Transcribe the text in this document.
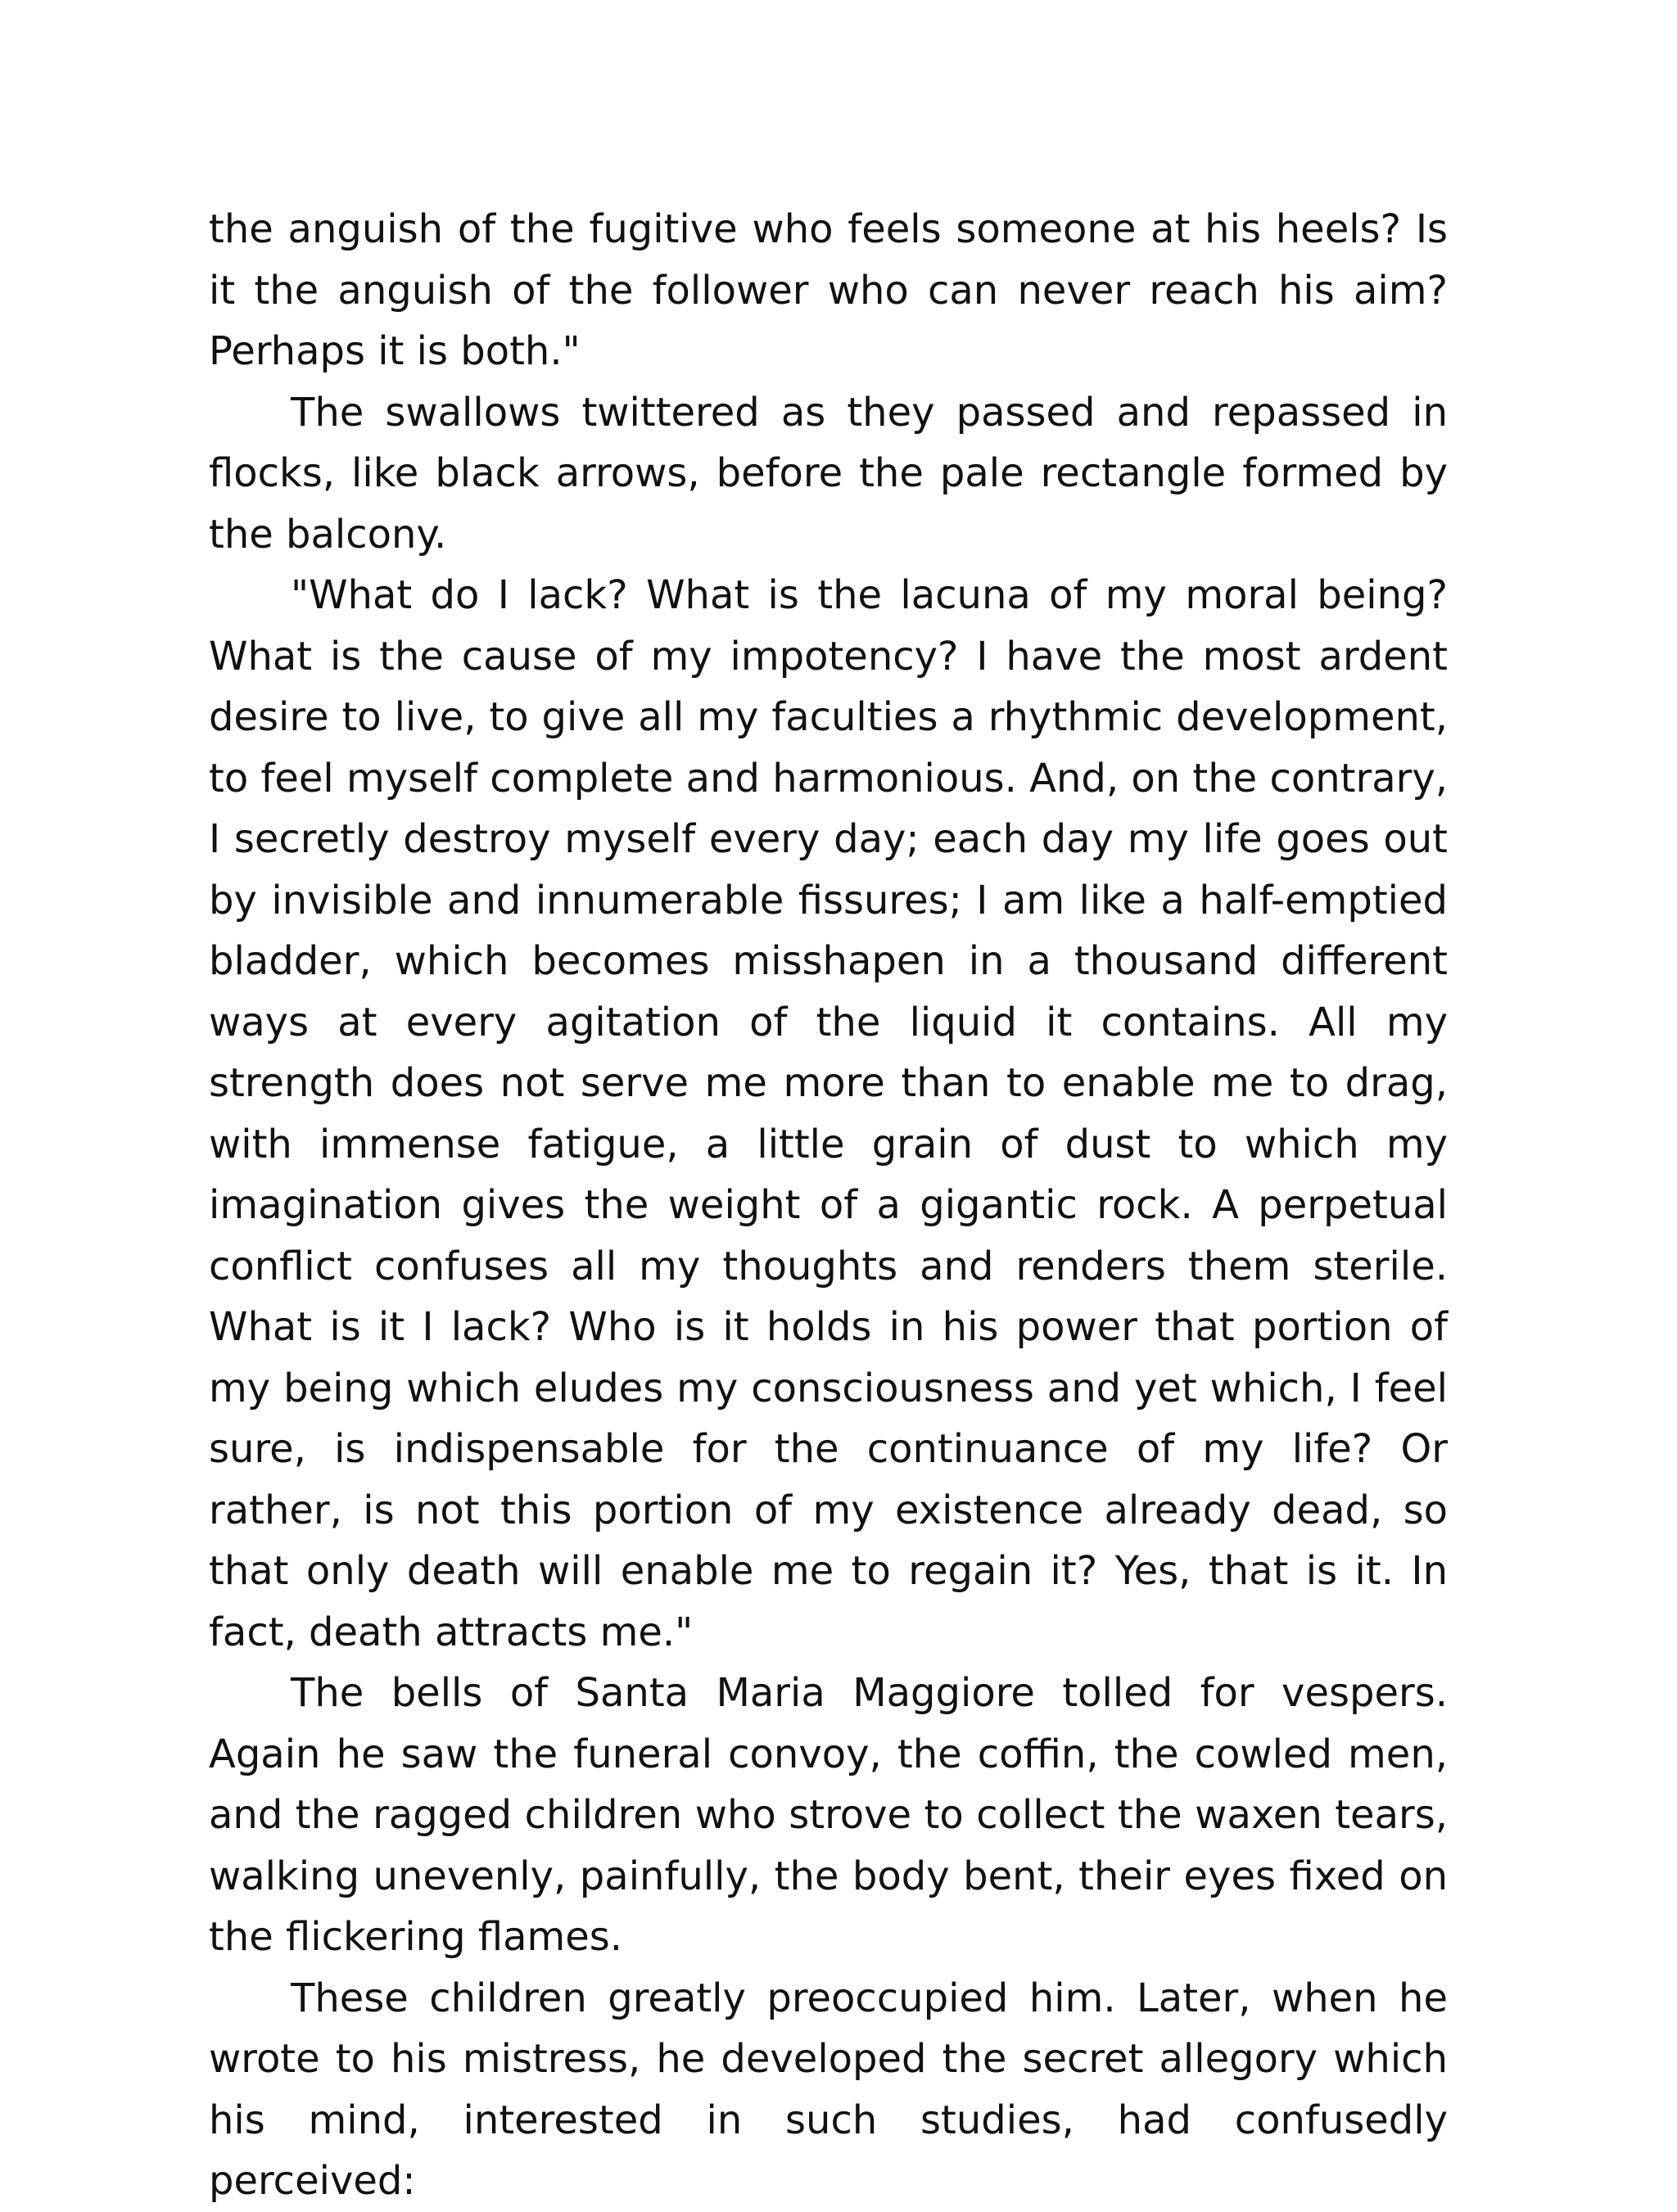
the anguish of the fugitive who feels someone at his heels? Is it the anguish of the follower who can never reach his aim? Perhaps it is both."

The swallows twittered as they passed and repassed in flocks, like black arrows, before the pale rectangle formed by the balcony.

"What do I lack? What is the lacuna of my moral being? What is the cause of my impotency? I have the most ardent desire to live, to give all my faculties a rhythmic development, to feel myself complete and harmonious. And, on the contrary, I secretly destroy myself every day; each day my life goes out by invisible and innumerable fissures; I am like a half-emptied bladder, which becomes misshapen in a thousand different ways at every agitation of the liquid it contains. All my strength does not serve me more than to enable me to drag, with immense fatigue, a little grain of dust to which my imagination gives the weight of a gigantic rock. A perpetual conflict confuses all my thoughts and renders them sterile. What is it I lack? Who is it holds in his power that portion of my being which eludes my consciousness and yet which, I feel sure, is indispensable for the continuance of my life? Or rather, is not this portion of my existence already dead, so that only death will enable me to regain it? Yes, that is it. In fact, death attracts me."

The bells of Santa Maria Maggiore tolled for vespers. Again he saw the funeral convoy, the coffin, the cowled men, and the ragged children who strove to collect the waxen tears, walking unevenly, painfully, the body bent, their eyes fixed on the flickering flames.

These children greatly preoccupied him. Later, when he wrote to his mistress, he developed the secret allegory which his mind, interested in such studies, had confusedly perceived:
